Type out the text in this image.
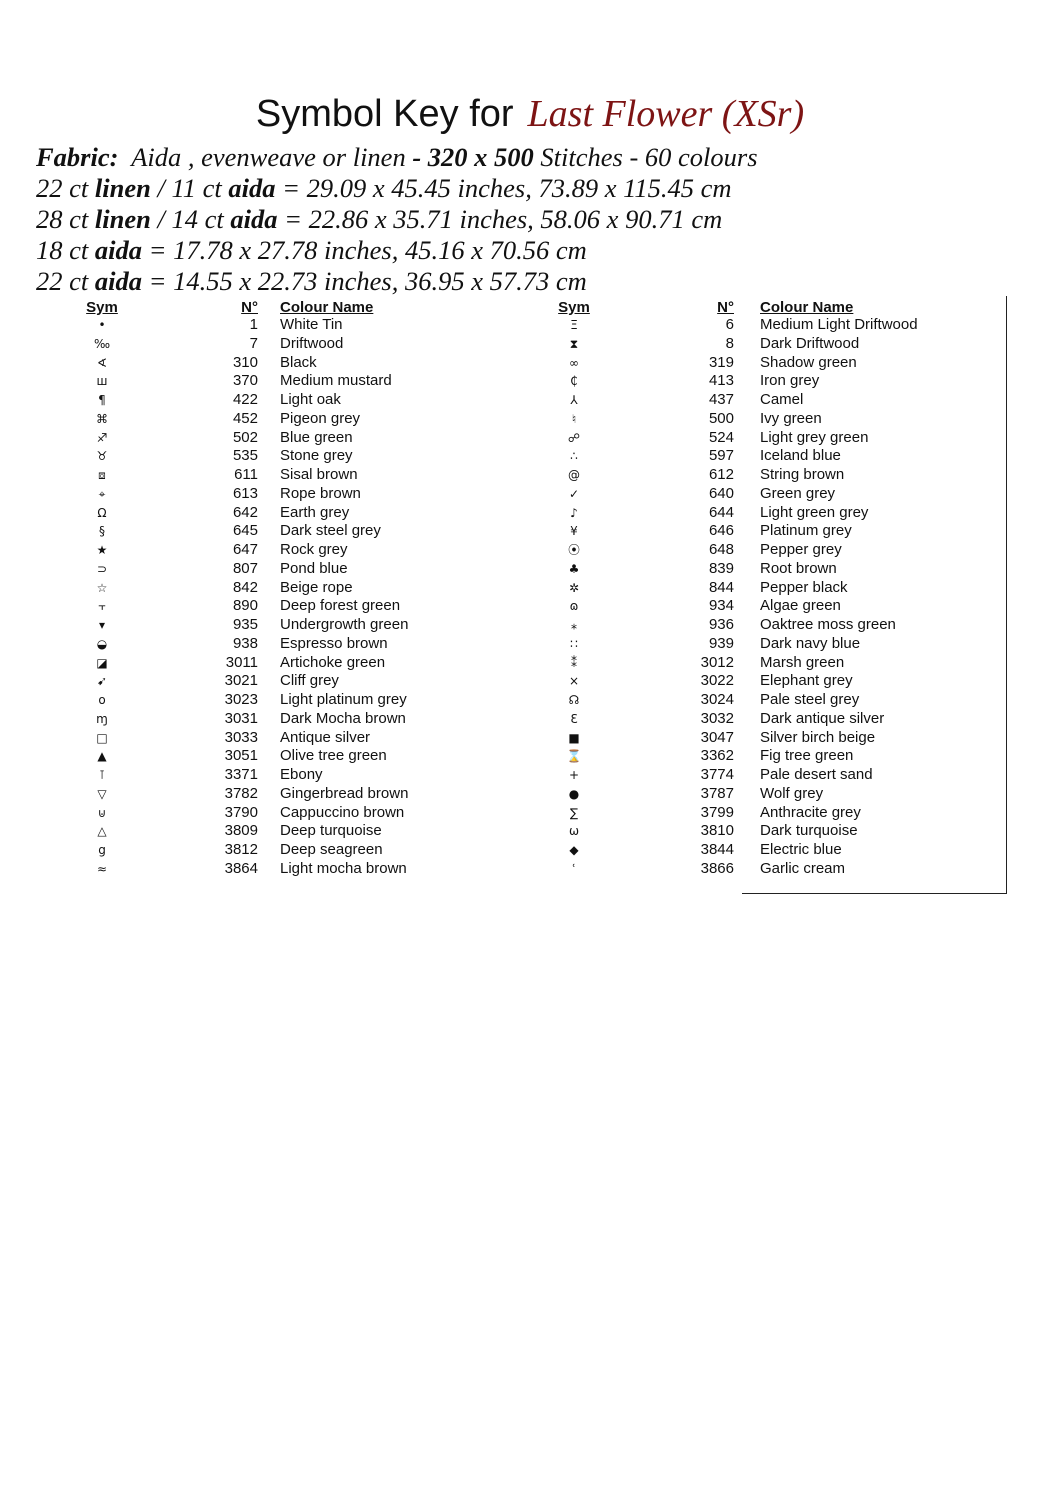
Symbol Key for Last Flower (XSr)
Fabric: Aida , evenweave or linen - 320 x 500 Stitches - 60 colours
22 ct linen / 11 ct aida = 29.09 x 45.45 inches, 73.89 x 115.45 cm
28 ct linen / 14 ct aida = 22.86 x 35.71 inches, 58.06 x 90.71 cm
18 ct aida = 17.78 x 27.78 inches, 45.16 x 70.56 cm
22 ct aida = 14.55 x 22.73 inches, 36.95 x 57.73 cm
Sym	N° Colour Name	Sym	N° Colour Name
•	1 White Tin
‰	7 Driftwood
∢	310 Black
ш	370 Medium mustard
¶	422 Light oak
⌘	452 Pigeon grey
♐	502 Blue green
♉	535 Stone grey
⧈	611 Sisal brown
⌖	613 Rope brown
Ω	642 Earth grey
§	645 Dark steel grey
★	647 Rock grey
⊃	807 Pond blue
☆	842 Beige rope
⫟	890 Deep forest green
▾	935 Undergrowth green
◒	938 Espresso brown
◪	3011 Artichoke green
➹	3021 Cliff grey
o	3023 Light platinum grey
ɱ	3031 Dark Mocha brown
□	3033 Antique silver
▲	3051 Olive tree green
⊺	3371 Ebony
▽	3782 Gingerbread brown
⊍	3790 Cappuccino brown
△	3809 Deep turquoise
g	3812 Deep seagreen
≈	3864 Light mocha brown
Ξ	6 Medium Light Driftwood
⧗	8 Dark Driftwood
∞	319 Shadow green
₵	413 Iron grey
⅄	437 Camel
♮	500 Ivy green
☍	524 Light grey green
∴	597 Iceland blue
@	612 String brown
✓	640 Green grey
♪	644 Light green grey
¥	646 Platinum grey
⦿	648 Pepper grey
♣	839 Root brown
✲	844 Pepper black
ɷ	934 Algae green
⁎	936 Oaktree moss green
∷	939 Dark navy blue
⁑	3012 Marsh green
×	3022 Elephant grey
☊	3024 Pale steel grey
Ɛ	3032 Dark antique silver
■	3047 Silver birch beige
⌛	3362 Fig tree green
+	3774 Pale desert sand
●	3787 Wolf grey
∑	3799 Anthracite grey
ω	3810 Dark turquoise
◆	3844 Electric blue
ʿ	3866 Garlic cream
